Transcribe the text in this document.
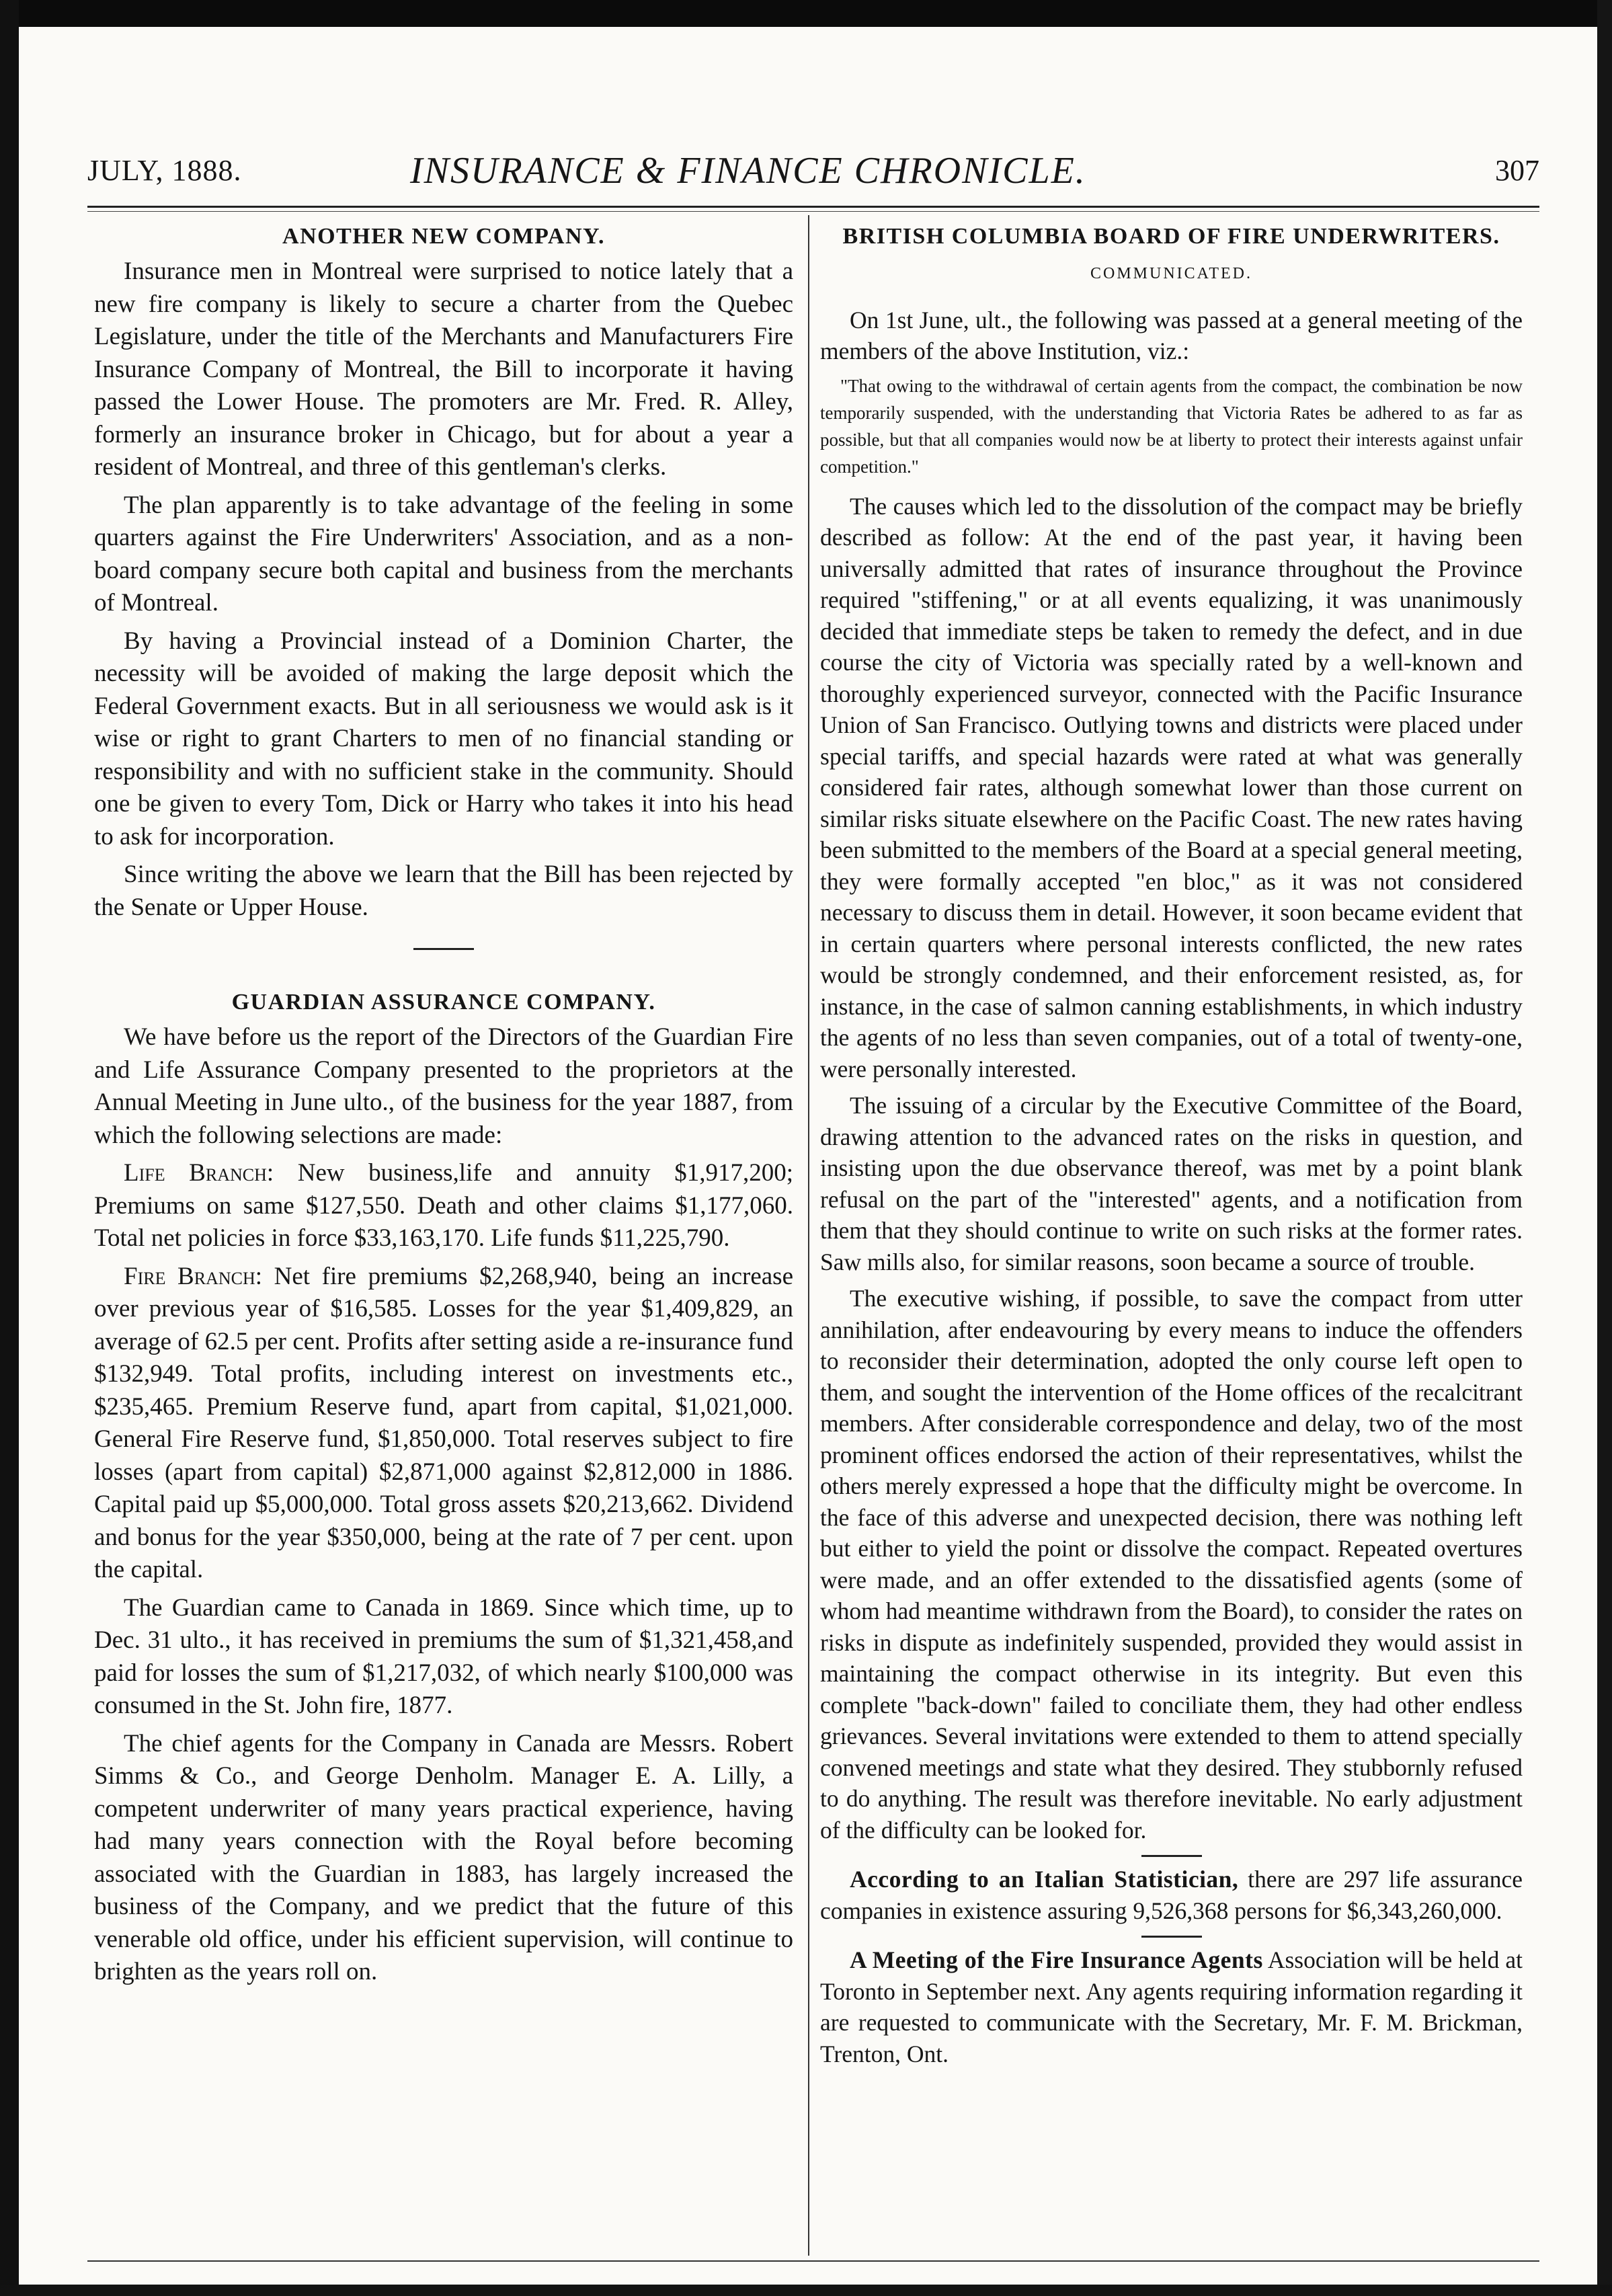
JULY, 1888.	INSURANCE & FINANCE CHRONICLE.	307
ANOTHER NEW COMPANY.

Insurance men in Montreal were surprised to notice lately that a new fire company is likely to secure a charter from the Quebec Legislature, under the title of the Merchants and Manufacturers Fire Insurance Company of Montreal, the Bill to incorporate it having passed the Lower House. The promoters are Mr. Fred. R. Alley, formerly an insurance broker in Chicago, but for about a year a resident of Montreal, and three of this gentleman's clerks.

The plan apparently is to take advantage of the feeling in some quarters against the Fire Underwriters' Association, and as a non-board company secure both capital and business from the merchants of Montreal.

By having a Provincial instead of a Dominion Charter, the necessity will be avoided of making the large deposit which the Federal Government exacts. But in all seriousness we would ask is it wise or right to grant Charters to men of no financial standing or responsibility and with no sufficient stake in the community. Should one be given to every Tom, Dick or Harry who takes it into his head to ask for incorporation.

Since writing the above we learn that the Bill has been rejected by the Senate or Upper House.

GUARDIAN ASSURANCE COMPANY.

We have before us the report of the Directors of the Guardian Fire and Life Assurance Company presented to the proprietors at the Annual Meeting in June ulto., of the business for the year 1887, from which the following selections are made:

Life Branch: New business,life and annuity $1,917,200; Premiums on same $127,550. Death and other claims $1,177,060. Total net policies in force $33,163,170. Life funds $11,225,790.

Fire Branch: Net fire premiums $2,268,940, being an increase over previous year of $16,585. Losses for the year $1,409,829, an average of 62.5 per cent. Profits after setting aside a re-insurance fund $132,949. Total profits, including interest on investments etc., $235,465. Premium Reserve fund, apart from capital, $1,021,000. General Fire Reserve fund, $1,850,000. Total reserves subject to fire losses (apart from capital) $2,871,000 against $2,812,000 in 1886. Capital paid up $5,000,000. Total gross assets $20,213,662. Dividend and bonus for the year $350,000, being at the rate of 7 per cent. upon the capital.

The Guardian came to Canada in 1869. Since which time, up to Dec. 31 ulto., it has received in premiums the sum of $1,321,458,and paid for losses the sum of $1,217,032, of which nearly $100,000 was consumed in the St. John fire, 1877.

The chief agents for the Company in Canada are Messrs. Robert Simms & Co., and George Denholm. Manager E. A. Lilly, a competent underwriter of many years practical experience, having had many years connection with the Royal before becoming associated with the Guardian in 1883, has largely increased the business of the Company, and we predict that the future of this venerable old office, under his efficient supervision, will continue to brighten as the years roll on.

BRITISH COLUMBIA BOARD OF FIRE UNDERWRITERS.

COMMUNICATED.

On 1st June, ult., the following was passed at a general meeting of the members of the above Institution, viz.:

"That owing to the withdrawal of certain agents from the compact, the combination be now temporarily suspended, with the understanding that Victoria Rates be adhered to as far as possible, but that all companies would now be at liberty to protect their interests against unfair competition."

The causes which led to the dissolution of the compact may be briefly described as follow: At the end of the past year, it having been universally admitted that rates of insurance throughout the Province required "stiffening," or at all events equalizing, it was unanimously decided that immediate steps be taken to remedy the defect, and in due course the city of Victoria was specially rated by a well-known and thoroughly experienced surveyor, connected with the Pacific Insurance Union of San Francisco. Outlying towns and districts were placed under special tariffs, and special hazards were rated at what was generally considered fair rates, although somewhat lower than those current on similar risks situate elsewhere on the Pacific Coast. The new rates having been submitted to the members of the Board at a special general meeting, they were formally accepted "en bloc," as it was not considered necessary to discuss them in detail. However, it soon became evident that in certain quarters where personal interests conflicted, the new rates would be strongly condemned, and their enforcement resisted, as, for instance, in the case of salmon canning establishments, in which industry the agents of no less than seven companies, out of a total of twenty-one, were personally interested.

The issuing of a circular by the Executive Committee of the Board, drawing attention to the advanced rates on the risks in question, and insisting upon the due observance thereof, was met by a point blank refusal on the part of the "interested" agents, and a notification from them that they should continue to write on such risks at the former rates. Saw mills also, for similar reasons, soon became a source of trouble.

The executive wishing, if possible, to save the compact from utter annihilation, after endeavouring by every means to induce the offenders to reconsider their determination, adopted the only course left open to them, and sought the intervention of the Home offices of the recalcitrant members. After considerable correspondence and delay, two of the most prominent offices endorsed the action of their representatives, whilst the others merely expressed a hope that the difficulty might be overcome. In the face of this adverse and unexpected decision, there was nothing left but either to yield the point or dissolve the compact. Repeated overtures were made, and an offer extended to the dissatisfied agents (some of whom had meantime withdrawn from the Board), to consider the rates on risks in dispute as indefinitely suspended, provided they would assist in maintaining the compact otherwise in its integrity. But even this complete "back-down" failed to conciliate them, they had other endless grievances. Several invitations were extended to them to attend specially convened meetings and state what they desired. They stubbornly refused to do anything. The result was therefore inevitable. No early adjustment of the difficulty can be looked for.

According to an Italian Statistician, there are 297 life assurance companies in existence assuring 9,526,368 persons for $6,343,260,000.

A Meeting of the Fire Insurance Agents Association will be held at Toronto in September next. Any agents requiring information regarding it are requested to communicate with the Secretary, Mr. F. M. Brickman, Trenton, Ont.
